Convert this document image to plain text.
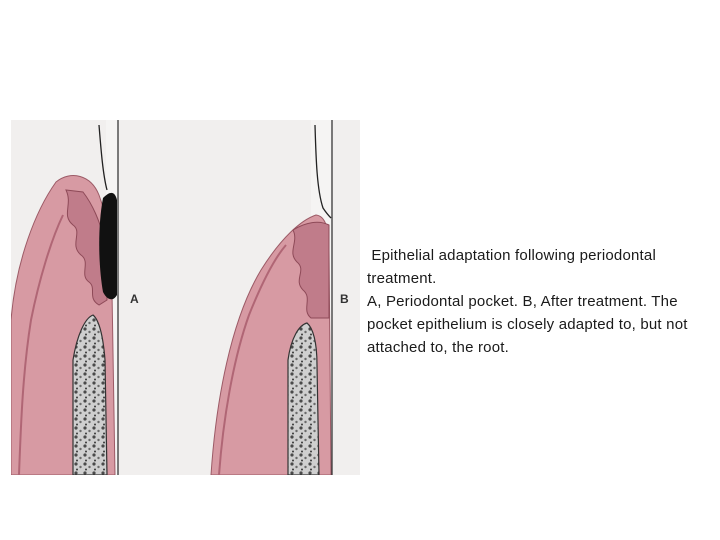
A	B
Epithelial adaptation following periodontal treatment.
A, Periodontal pocket. B, After treatment. The pocket epithelium is closely adapted to, but not attached to, the root.
